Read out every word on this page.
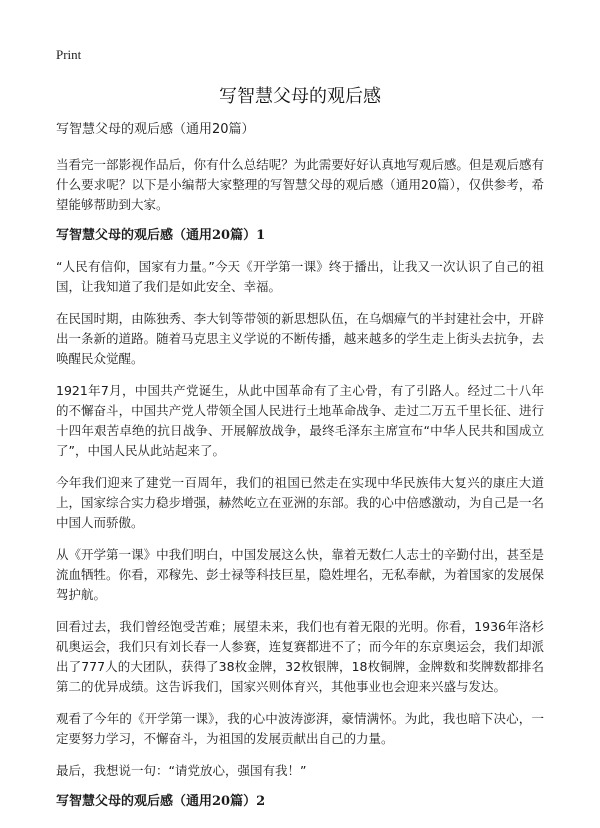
Print
写智慧父母的观后感
写智慧父母的观后感（通用20篇）

当看完一部影视作品后，你有什么总结呢？为此需要好好认真地写观后感。但是观后感有什么要求呢？以下是小编帮大家整理的写智慧父母的观后感（通用20篇），仅供参考，希望能够帮助到大家。

写智慧父母的观后感（通用20篇）1

“人民有信仰，国家有力量。”今天《开学第一课》终于播出，让我又一次认识了自己的祖国，让我知道了我们是如此安全、幸福。

在民国时期，由陈独秀、李大钊等带领的新思想队伍，在乌烟瘴气的半封建社会中，开辟出一条新的道路。随着马克思主义学说的不断传播，越来越多的学生走上街头去抗争，去唤醒民众觉醒。

1921年7月，中国共产党诞生，从此中国革命有了主心骨，有了引路人。经过二十八年的不懈奋斗，中国共产党人带领全国人民进行土地革命战争、走过二万五千里长征、进行十四年艰苦卓绝的抗日战争、开展解放战争，最终毛泽东主席宣布“中华人民共和国成立了”，中国人民从此站起来了。

今年我们迎来了建党一百周年，我们的祖国已然走在实现中华民族伟大复兴的康庄大道上，国家综合实力稳步增强，赫然屹立在亚洲的东部。我的心中倍感激动，为自己是一名中国人而骄傲。

从《开学第一课》中我们明白，中国发展这么快，靠着无数仁人志士的辛勤付出，甚至是流血牺牲。你看，邓稼先、彭士禄等科技巨星，隐姓埋名，无私奉献，为着国家的发展保驾护航。

回看过去，我们曾经饱受苦难；展望未来，我们也有着无限的光明。你看，1936年洛杉矶奥运会，我们只有刘长春一人参赛，连复赛都进不了；而今年的东京奥运会，我们却派出了777人的大团队，获得了38枚金牌，32枚银牌，18枚铜牌，金牌数和奖牌数都排名第二的优异成绩。这告诉我们，国家兴则体育兴，其他事业也会迎来兴盛与发达。

观看了今年的《开学第一课》，我的心中波涛澎湃，豪情满怀。为此，我也暗下决心，一定要努力学习，不懈奋斗，为祖国的发展贡献出自己的力量。

最后，我想说一句：“请党放心，强国有我！”

写智慧父母的观后感（通用20篇）2
